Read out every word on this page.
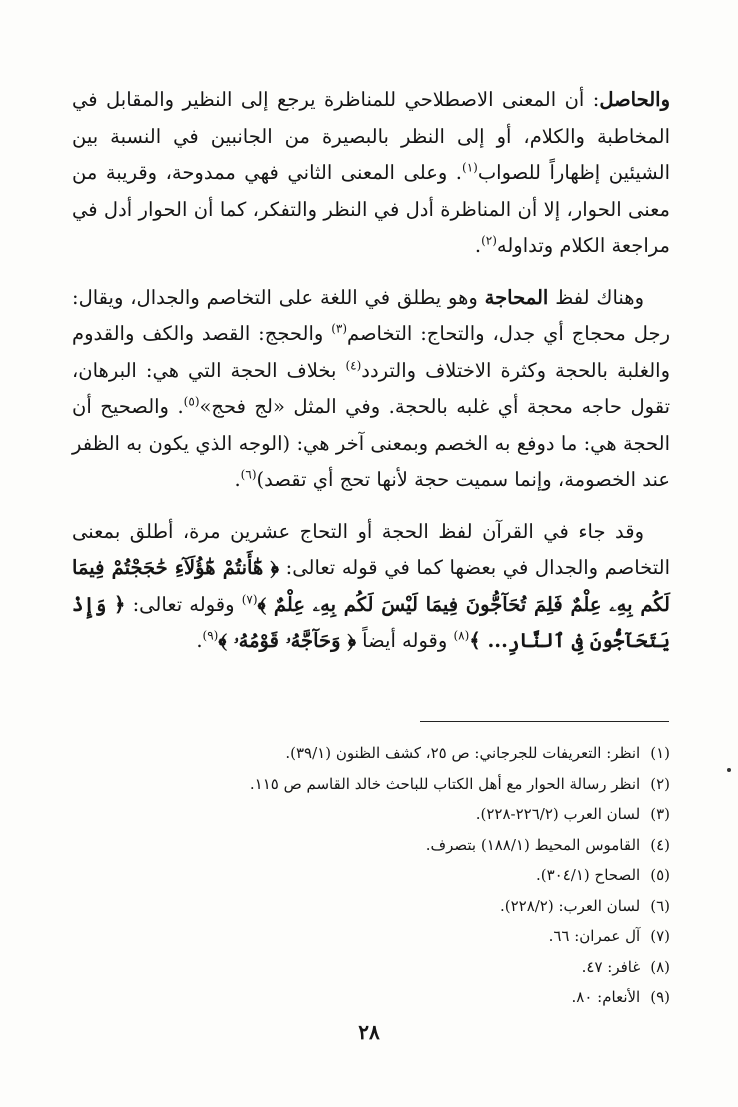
والحاصل: أن المعنى الاصطلاحي للمناظرة يرجع إلى النظير والمقابل في المخاطبة والكلام، أو إلى النظر بالبصيرة من الجانبين في النسبة بين الشيئين إظهاراً للصواب$^{(١)}$. وعلى المعنى الثاني فهي ممدوحة، وقريبة من معنى الحوار، إلا أن المناظرة أدل في النظر والتفكر، كما أن الحوار أدل في مراجعة الكلام وتداوله$^{(٢)}$.

وهناك لفظ المحاجة وهو يطلق في اللغة على التخاصم والجدال، ويقال: رجل محجاج أي جدل، والتحاج: التخاصم$^{(٣)}$ والحجج: القصد والكف والقدوم والغلبة بالحجة وكثرة الاختلاف والتردد$^{(٤)}$ بخلاف الحجة التي هي: البرهان، تقول حاجه محجة أي غلبه بالحجة. وفي المثل «لج فحج»$^{(٥)}$. والصحيح أن الحجة هي: ما دوفع به الخصم وبمعنى آخر هي: (الوجه الذي يكون به الظفر عند الخصومة، وإنما سميت حجة لأنها تحج أي تقصد)$^{(٦)}$.

وقد جاء في القرآن لفظ الحجة أو التحاج عشرين مرة، أطلق بمعنى التخاصم والجدال في بعضها كما في قوله تعالى: ﴿ هَٰٓأَنتُمْ هَٰٓؤُلَآءِ حَٰجَجْتُمْ فِيمَا لَكُم بِهِۦ عِلْمٌ فَلِمَ تُحَآجُّونَ فِيمَا لَيْسَ لَكُم بِهِۦ عِلْمٌ ﴾$^{(٧)}$ وقوله تعالى: ﴿ وَإِذْ يَتَحَآجُّونَ فِى ٱلنَّارِ... ﴾$^{(٨)}$ وقوله أيضاً ﴿ وَحَآجَّهُۥ قَوْمُهُۥ ﴾$^{(٩)}$.

(١)انظر: التعريفات للجرجاني: ص ٢٥، كشف الظنون (٣٩/١).
(٢)انظر رسالة الحوار مع أهل الكتاب للباحث خالد القاسم ص ١١٥.
(٣)لسان العرب (٢٢٦/٢-٢٢٨).
(٤)القاموس المحيط (١٨٨/١) بتصرف.
(٥)الصحاح (٣٠٤/١).
(٦)لسان العرب: (٢٢٨/٢).
(٧)آل عمران: ٦٦.
(٨)غافر: ٤٧.
(٩)الأنعام: ٨٠.
٢٨
